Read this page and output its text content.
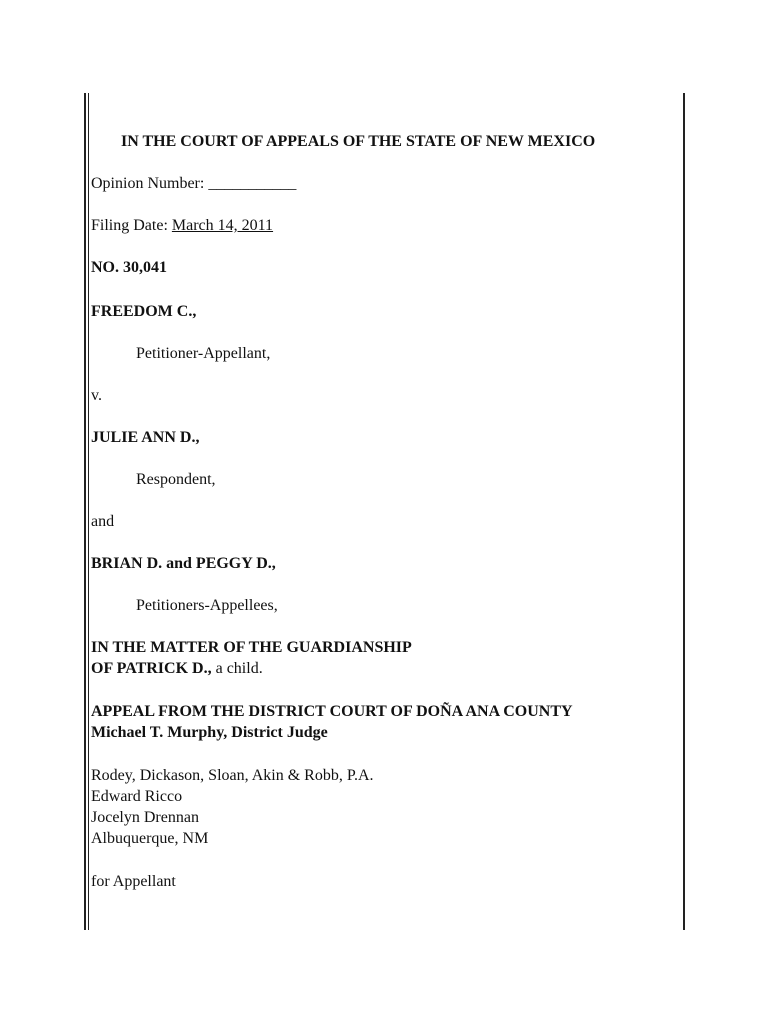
IN THE COURT OF APPEALS OF THE STATE OF NEW MEXICO
Opinion Number: ___________
Filing Date: March 14, 2011
NO. 30,041
FREEDOM C.,
Petitioner-Appellant,
v.
JULIE ANN D.,
Respondent,
and
BRIAN D. and PEGGY D.,
Petitioners-Appellees,
IN THE MATTER OF THE GUARDIANSHIP
OF PATRICK D., a child.
APPEAL FROM THE DISTRICT COURT OF DOÑA ANA COUNTY
Michael T. Murphy, District Judge
Rodey, Dickason, Sloan, Akin & Robb, P.A.
Edward Ricco
Jocelyn Drennan
Albuquerque, NM
for Appellant
